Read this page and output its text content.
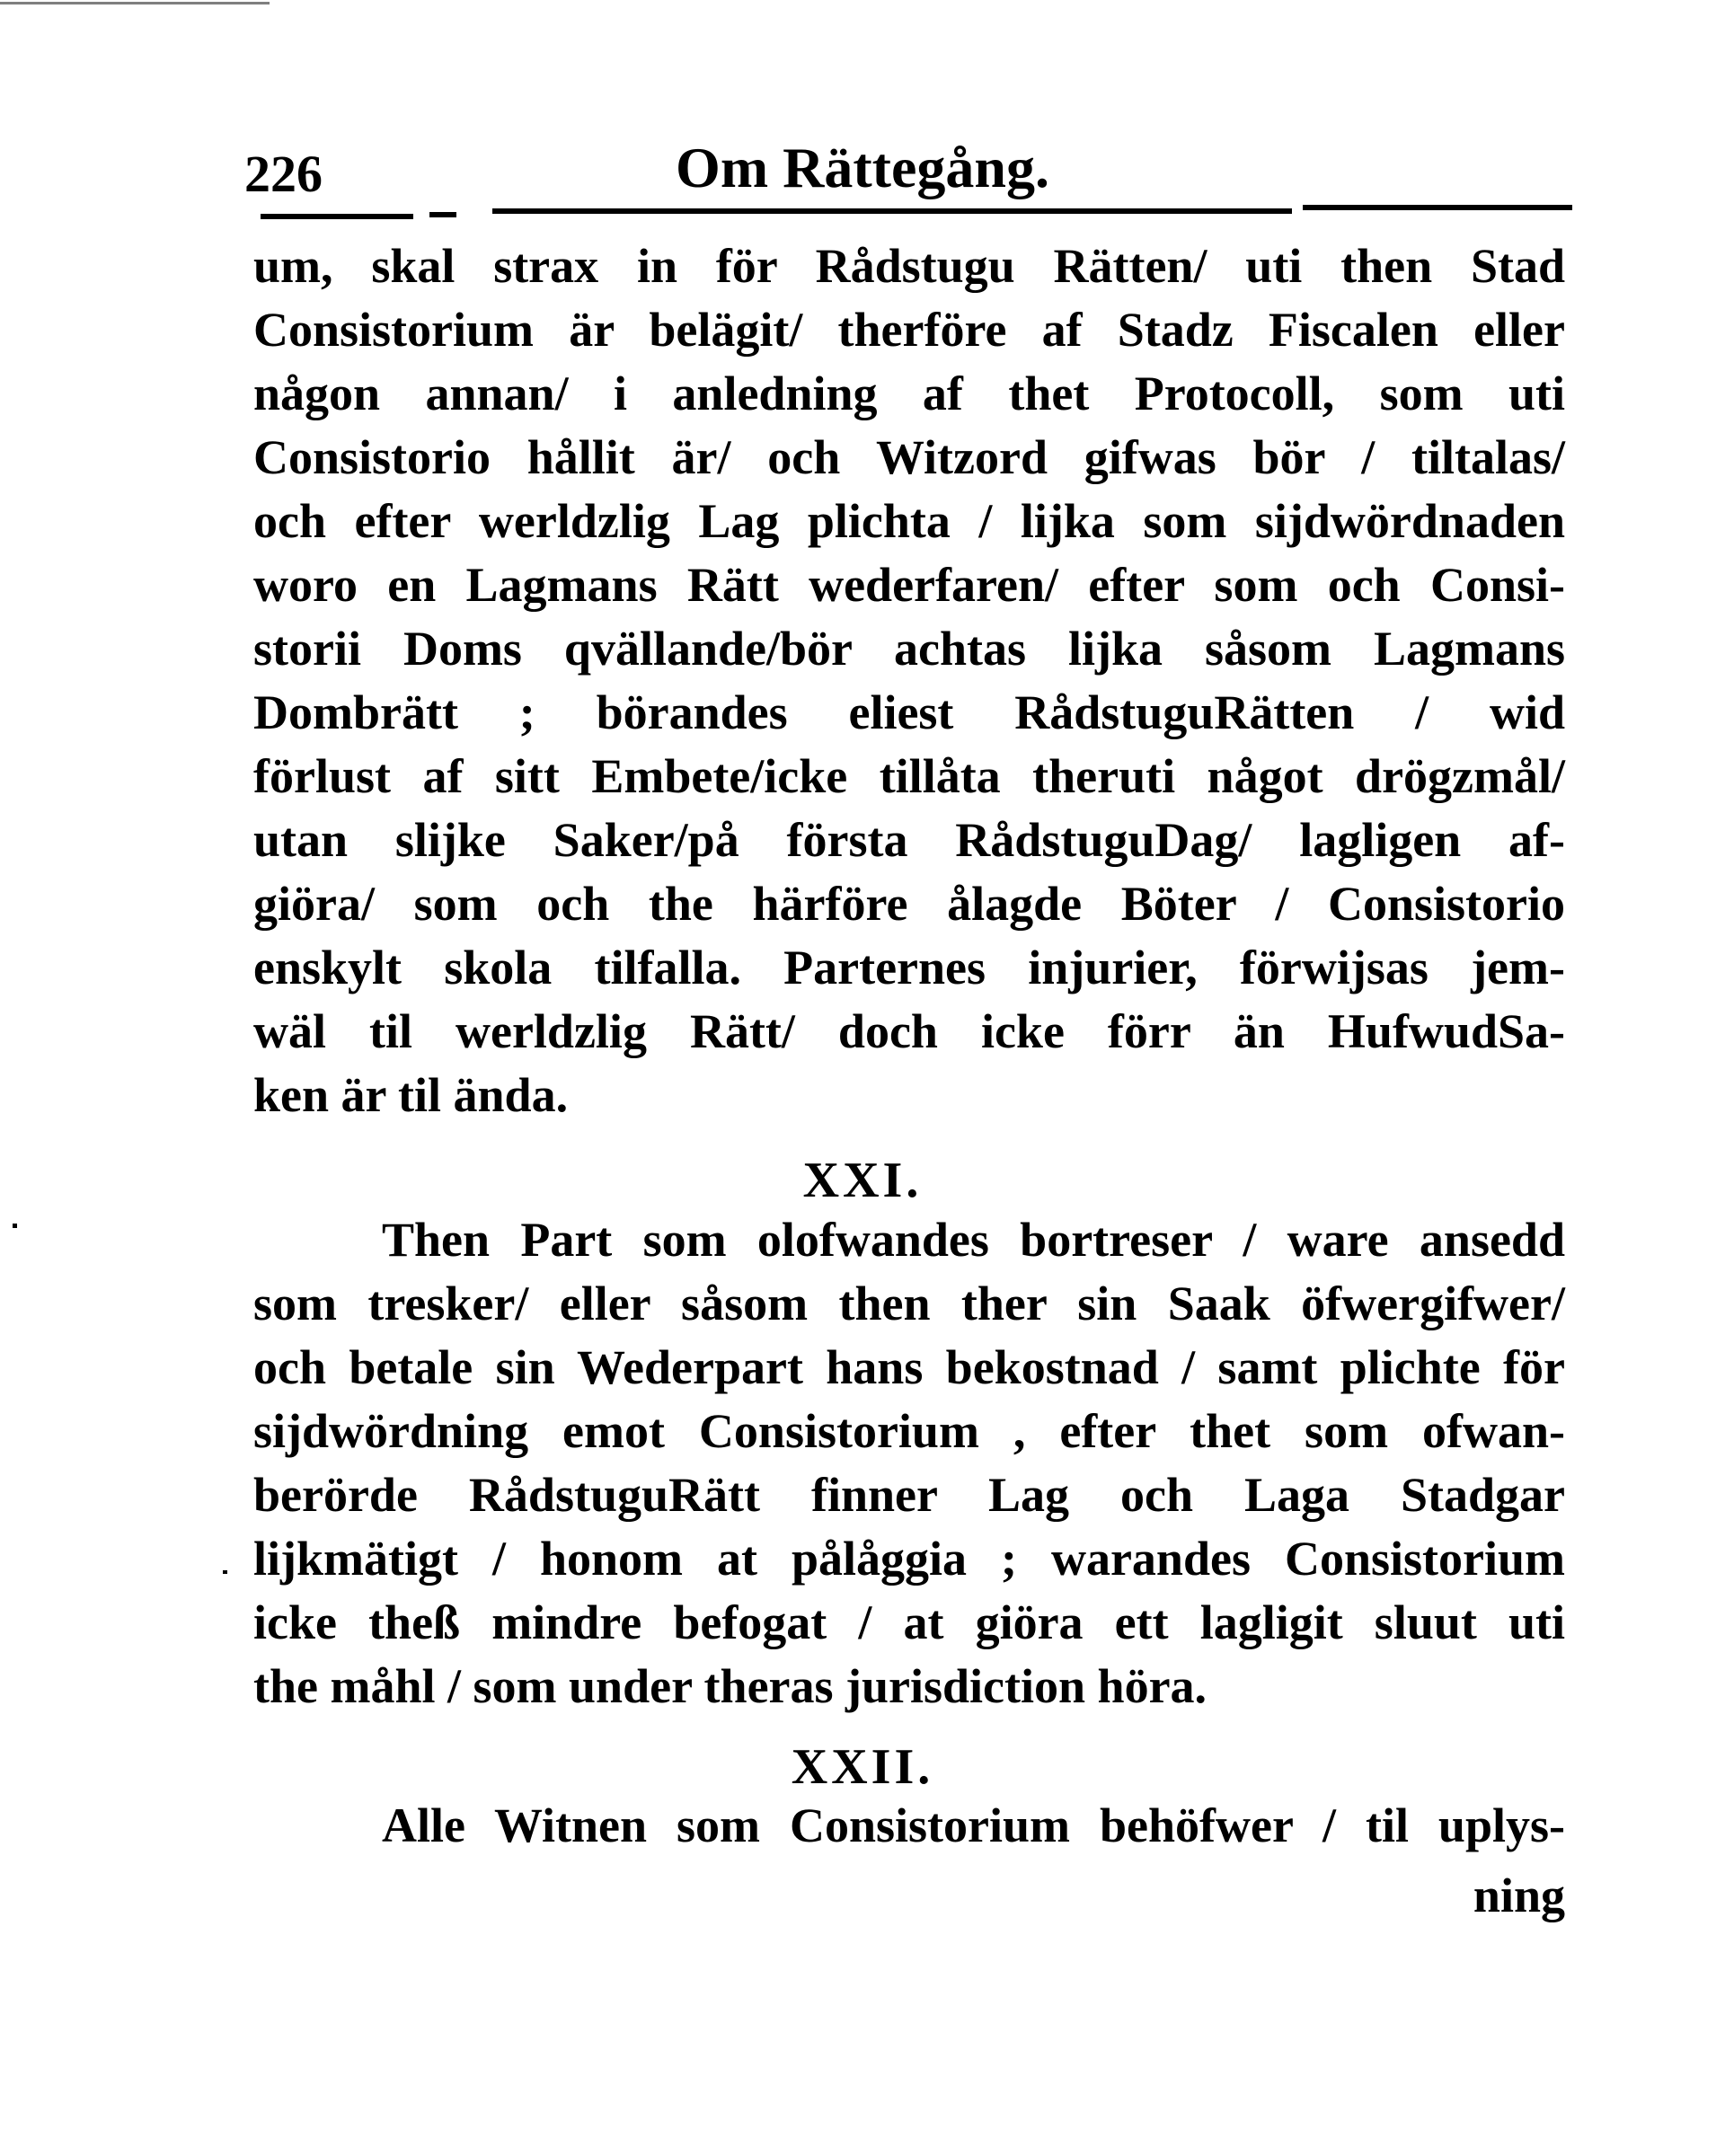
226	Om Rättegång.
um, skal strax in för Rådstugu Rätten/ uti then Stad
Consistorium är belägit/ therföre af Stadz Fiscalen eller
någon annan/ i anledning af thet Protocoll, som uti
Consistorio hållit är/ och Witzord gifwas bör / tiltalas/
och efter werldzlig Lag plichta / lijka som sijdwördnaden
woro en Lagmans Rätt wederfaren/ efter som och Consi-
storii Doms qvällande/bör achtas lijka såsom Lagmans
Dombrätt ; börandes eliest RådstuguRätten / wid
förlust af sitt Embete/icke tillåta theruti något drögzmål/
utan slijke Saker/på första RådstuguDag/ lagligen af-
giöra/ som och the härföre ålagde Böter / Consistorio
enskylt skola tilfalla. Parternes injurier, förwijsas jem-
wäl til werldzlig Rätt/ doch icke förr än HufwudSa-
ken är til ända.
XXI.
Then Part som olofwandes bortreser / ware ansedd
som tresker/ eller såsom then ther sin Saak öfwergifwer/
och betale sin Wederpart hans bekostnad / samt plichte för
sijdwördning emot Consistorium , efter thet som ofwan-
berörde RådstuguRätt finner Lag och Laga Stadgar
lijkmätigt / honom at pålåggia ; warandes Consistorium
icke theß mindre befogat / at giöra ett lagligit sluut uti
the måhl / som under theras jurisdiction höra.
XXII.
Alle Witnen som Consistorium behöfwer / til uplys-
ning
